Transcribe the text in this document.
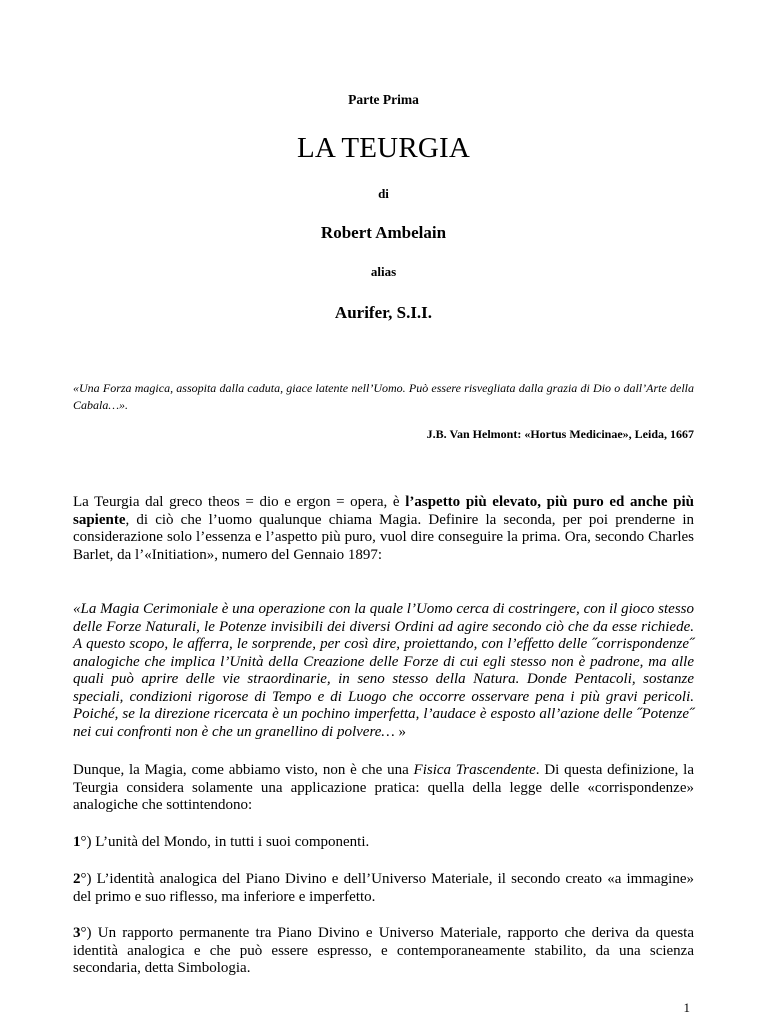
Parte Prima
LA TEURGIA
di
Robert Ambelain
alias
Aurifer, S.I.I.
«Una Forza magica, assopita dalla caduta, giace latente nell’Uomo. Può essere risvegliata dalla grazia di Dio o dall’Arte della Cabala…».
J.B. Van Helmont: «Hortus Medicinae», Leida, 1667
La Teurgia dal greco theos = dio e ergon = opera, è l’aspetto più elevato, più puro ed anche più sapiente, di ciò che l’uomo qualunque chiama Magia. Definire la seconda, per poi prenderne in considerazione solo l’essenza e l’aspetto più puro, vuol dire conseguire la prima. Ora, secondo Charles Barlet, da l’«Initiation», numero del Gennaio 1897:
«La Magia Cerimoniale è una operazione con la quale l’Uomo cerca di costringere, con il gioco stesso delle Forze Naturali, le Potenze invisibili dei diversi Ordini ad agire secondo ciò che da esse richiede. A questo scopo, le afferra, le sorprende, per così dire, proiettando, con l’effetto delle ˝corrispondenze˝ analogiche che implica l’Unità della Creazione delle Forze di cui egli stesso non è padrone, ma alle quali può aprire delle vie straordinarie, in seno stesso della Natura. Donde Pentacoli, sostanze speciali, condizioni rigorose di Tempo e di Luogo che occorre osservare pena i più gravi pericoli. Poiché, se la direzione ricercata è un pochino imperfetta, l’audace è esposto all’azione delle ˝Potenze˝ nei cui confronti non è che un granellino di polvere… »
Dunque, la Magia, come abbiamo visto, non è che una Fisica Trascendente. Di questa definizione, la Teurgia considera solamente una applicazione pratica: quella della legge delle «corrispondenze» analogiche che sottintendono:
1°) L’unità del Mondo, in tutti i suoi componenti.
2°) L’identità analogica del Piano Divino e dell’Universo Materiale, il secondo creato «a immagine» del primo e suo riflesso, ma inferiore e imperfetto.
3°) Un rapporto permanente tra Piano Divino e Universo Materiale, rapporto che deriva da questa identità analogica e che può essere espresso, e contemporaneamente stabilito, da una scienza secondaria, detta Simbologia.
1
